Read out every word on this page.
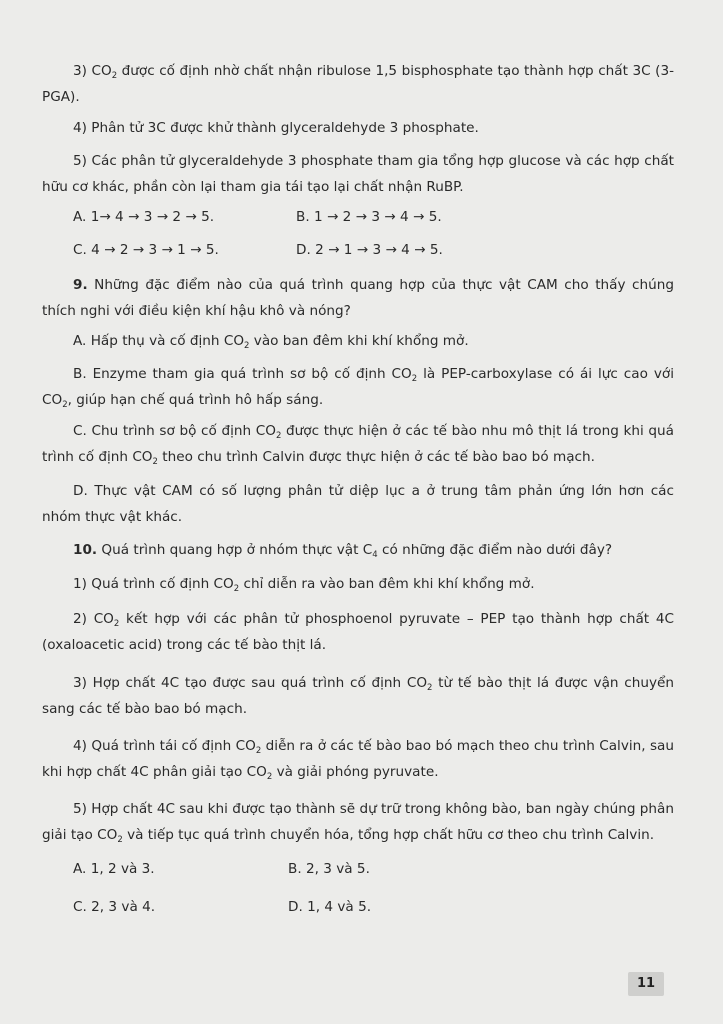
3) $CO_2$ được cố định nhờ chất nhận ribulose 1,5 bisphosphate tạo thành hợp chất 3C (3-PGA).

4) Phân tử 3C được khử thành glyceraldehyde 3 phosphate.

5) Các phân tử glyceraldehyde 3 phosphate tham gia tổng hợp glucose và các hợp chất hữu cơ khác, phần còn lại tham gia tái tạo lại chất nhận RuBP.

A. 1→ 4 → 3 → 2 → 5.	B. 1 → 2 → 3 → 4 → 5.
C. 4 → 2 → 3 → 1 → 5.	D. 2 → 1 → 3 → 4 → 5.

9. Những đặc điểm nào của quá trình quang hợp của thực vật CAM cho thấy chúng thích nghi với điều kiện khí hậu khô và nóng?

A. Hấp thụ và cố định $CO_2$ vào ban đêm khi khí khổng mở.

B. Enzyme tham gia quá trình sơ bộ cố định $CO_2$ là PEP-carboxylase có ái lực cao với $CO_2$, giúp hạn chế quá trình hô hấp sáng.

C. Chu trình sơ bộ cố định $CO_2$ được thực hiện ở các tế bào nhu mô thịt lá trong khi quá trình cố định $CO_2$ theo chu trình Calvin được thực hiện ở các tế bào bao bó mạch.

D. Thực vật CAM có số lượng phân tử diệp lục a ở trung tâm phản ứng lớn hơn các nhóm thực vật khác.

10. Quá trình quang hợp ở nhóm thực vật $C_4$ có những đặc điểm nào dưới đây?

1) Quá trình cố định $CO_2$ chỉ diễn ra vào ban đêm khi khí khổng mở.

2) $CO_2$ kết hợp với các phân tử phosphoenol pyruvate – PEP tạo thành hợp chất 4C (oxaloacetic acid) trong các tế bào thịt lá.

3) Hợp chất 4C tạo được sau quá trình cố định $CO_2$ từ tế bào thịt lá được vận chuyển sang các tế bào bao bó mạch.

4) Quá trình tái cố định $CO_2$ diễn ra ở các tế bào bao bó mạch theo chu trình Calvin, sau khi hợp chất 4C phân giải tạo $CO_2$ và giải phóng pyruvate.

5) Hợp chất 4C sau khi được tạo thành sẽ dự trữ trong không bào, ban ngày chúng phân giải tạo $CO_2$ và tiếp tục quá trình chuyển hóa, tổng hợp chất hữu cơ theo chu trình Calvin.

A. 1, 2 và 3.	B. 2, 3 và 5.
C. 2, 3 và 4.	D. 1, 4 và 5.
11
